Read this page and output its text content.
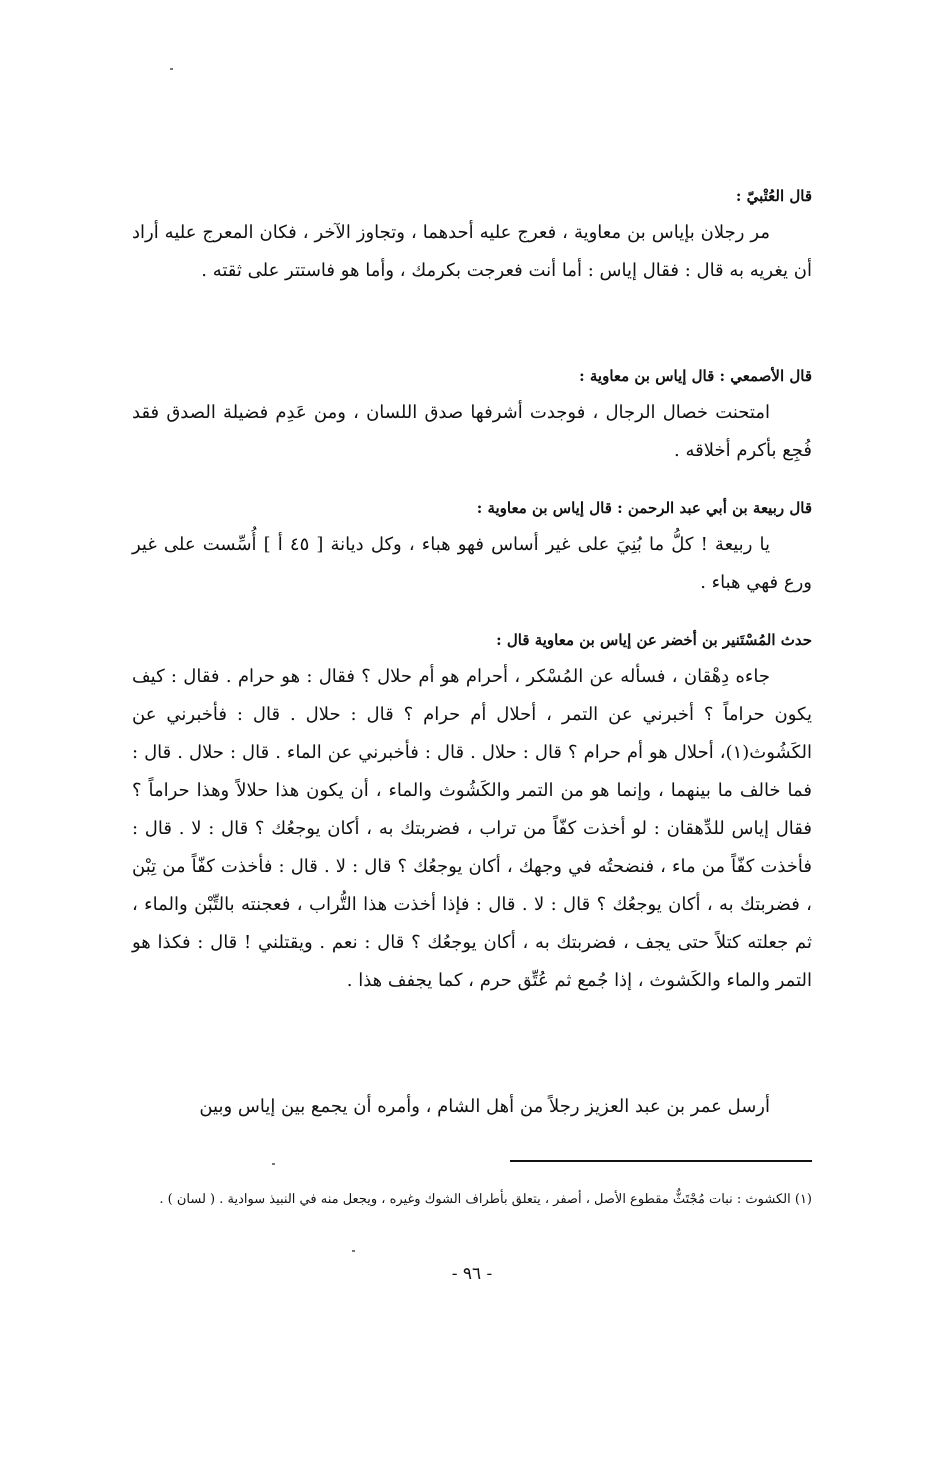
قال العُتْبيّ :
مر رجلان بإياس بن معاوية ، فعرج عليه أحدهما ، وتجاوز الآخر ، فكان المعرج عليه أراد أن يغريه به قال : فقال إياس : أما أنت فعرجت بكرمك ، وأما هو فاستتر على ثقته .
قال الأصمعي : قال إياس بن معاوية :
امتحنت خصال الرجال ، فوجدت أشرفها صدق اللسان ، ومن عَدِم فضيلة الصدق فقد فُجِع بأكرم أخلاقه .
قال ربيعة بن أبي عبد الرحمن : قال إياس بن معاوية :
يا ربيعة ! كلُّ ما بُنِيَ على غير أساس فهو هباء ، وكل ديانة [ ٤٥ أ ] أُسِّست على غير ورع فهي هباء .
حدث المُسْتَنير بن أخضر عن إياس بن معاوية قال :
جاءه دِهْقان ، فسأله عن المُسْكر ، أحرام هو أم حلال ؟ فقال : هو حرام . فقال : كيف يكون حراماً ؟ أخبرني عن التمر ، أحلال أم حرام ؟ قال : حلال . قال : فأخبرني عن الكَشُوث(١)، أحلال هو أم حرام ؟ قال : حلال . قال : فأخبرني عن الماء . قال : حلال . قال : فما خالف ما بينهما ، وإنما هو من التمر والكَشُوث والماء ، أن يكون هذا حلالاً وهذا حراماً ؟ فقال إياس للدِّهقان : لو أخذت كفّاً من تراب ، فضربتك به ، أكان يوجعُك ؟ قال : لا . قال : فأخذت كفّاً من ماء ، فنضحتُه في وجهك ، أكان يوجعُك ؟ قال : لا . قال : فأخذت كفّاً من تِبْن ، فضربتك به ، أكان يوجعُك ؟ قال : لا . قال : فإذا أخذت هذا التُّراب ، فعجنته بالتِّبْن والماء ، ثم جعلته كتلاً حتى يجف ، فضربتك به ، أكان يوجعُك ؟ قال : نعم . ويقتلني ! قال : فكذا هو التمر والماء والكَشوث ، إذا جُمع ثم عُتِّق حرم ، كما يجفف هذا .
أرسل عمر بن عبد العزيز رجلاً من أهل الشام ، وأمره أن يجمع بين إياس وبين
(١) الكشوث : نبات مُجْتَثٌّ مقطوع الأصل ، أصفر ، يتعلق بأطراف الشوك وغيره ، ويجعل منه في النبيذ سوادية . ( لسان ) .
- ٩٦ -
